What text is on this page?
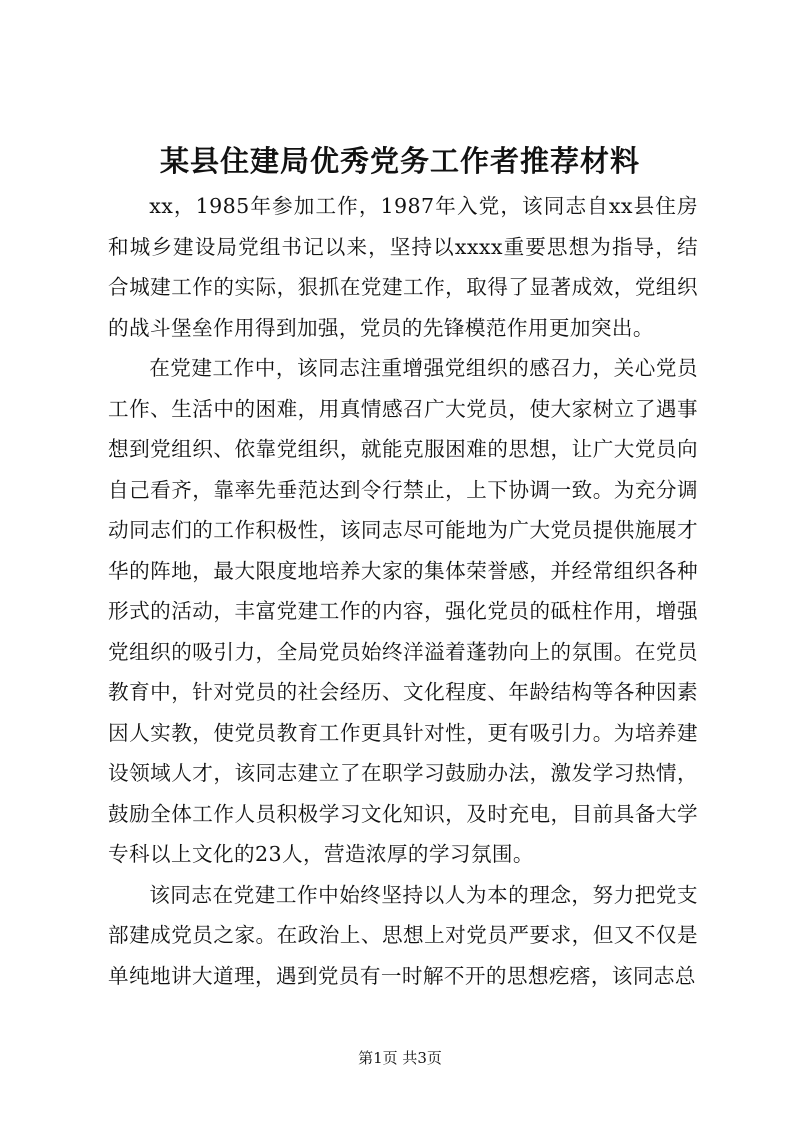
某县住建局优秀党务工作者推荐材料

xx，1985年参加工作，1987年入党，该同志自xx县住房和城乡建设局党组书记以来，坚持以xxxx重要思想为指导，结合城建工作的实际，狠抓在党建工作，取得了显著成效，党组织的战斗堡垒作用得到加强，党员的先锋模范作用更加突出。

在党建工作中，该同志注重增强党组织的感召力，关心党员工作、生活中的困难，用真情感召广大党员，使大家树立了遇事想到党组织、依靠党组织，就能克服困难的思想，让广大党员向自己看齐，靠率先垂范达到令行禁止，上下协调一致。为充分调动同志们的工作积极性，该同志尽可能地为广大党员提供施展才华的阵地，最大限度地培养大家的集体荣誉感，并经常组织各种形式的活动，丰富党建工作的内容，强化党员的砥柱作用，增强党组织的吸引力，全局党员始终洋溢着蓬勃向上的氛围。在党员教育中，针对党员的社会经历、文化程度、年龄结构等各种因素因人实教，使党员教育工作更具针对性，更有吸引力。为培养建设领域人才，该同志建立了在职学习鼓励办法，激发学习热情，鼓励全体工作人员积极学习文化知识，及时充电，目前具备大学专科以上文化的23人，营造浓厚的学习氛围。

该同志在党建工作中始终坚持以人为本的理念，努力把党支部建成党员之家。在政治上、思想上对党员严要求，但又不仅是单纯地讲大道理，遇到党员有一时解不开的思想疙瘩，该同志总

第1页 共3页
